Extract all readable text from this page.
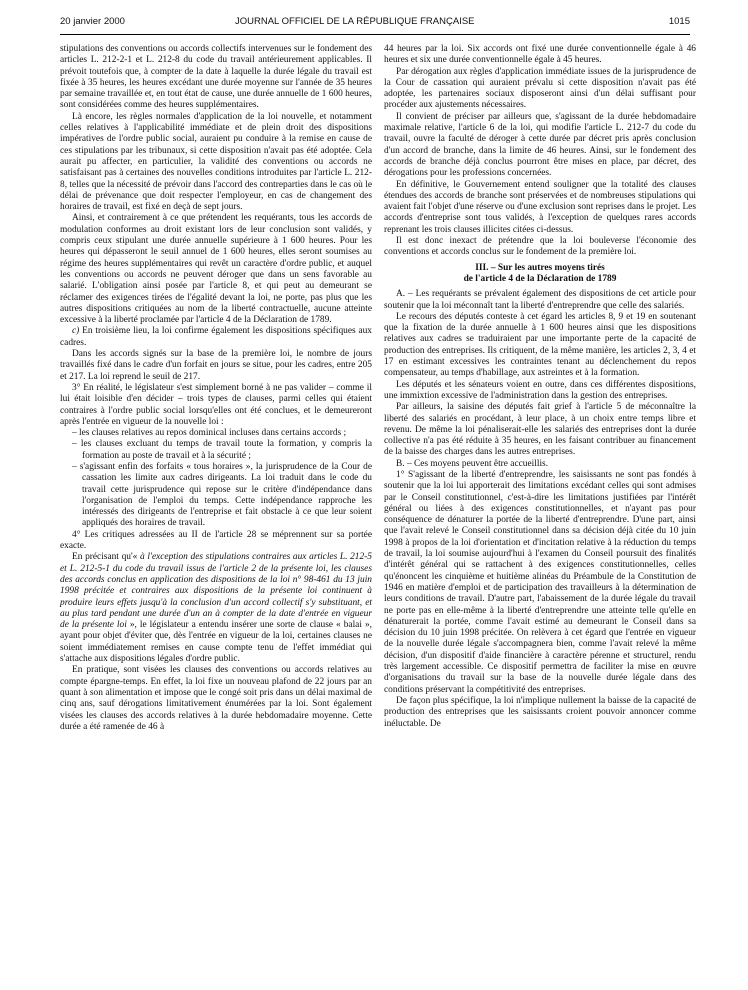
20 janvier 2000	JOURNAL OFFICIEL DE LA RÉPUBLIQUE FRANÇAISE	1015

stipulations des conventions ou accords collectifs intervenues sur le fondement des articles L. 212-2-1 et L. 212-8 du code du travail antérieurement applicables. Il prévoit toutefois que, à compter de la date à laquelle la durée légale du travail est fixée à 35 heures, les heures excédant une durée moyenne sur l'année de 35 heures par semaine travaillée et, en tout état de cause, une durée annuelle de 1 600 heures, sont considérées comme des heures supplémentaires.

Là encore, les règles normales d'application de la loi nouvelle, et notamment celles relatives à l'applicabilité immédiate et de plein droit des dispositions impératives de l'ordre public social, auraient pu conduire à la remise en cause de ces stipulations par les tribunaux, si cette disposition n'avait pas été adoptée. Cela aurait pu affecter, en particulier, la validité des conventions ou accords ne satisfaisant pas à certaines des nouvelles conditions introduites par l'article L. 212-8, telles que la nécessité de prévoir dans l'accord des contreparties dans le cas où le délai de prévenance que doit respecter l'employeur, en cas de changement des horaires de travail, est fixé en deçà de sept jours.

Ainsi, et contrairement à ce que prétendent les requérants, tous les accords de modulation conformes au droit existant lors de leur conclusion sont validés, y compris ceux stipulant une durée annuelle supérieure à 1 600 heures. Pour les heures qui dépasseront le seuil annuel de 1 600 heures, elles seront soumises au régime des heures supplémentaires qui revêt un caractère d'ordre public, et auquel les conventions ou accords ne peuvent déroger que dans un sens favorable au salarié. L'obligation ainsi posée par l'article 8, et qui peut au demeurant se réclamer des exigences tirées de l'égalité devant la loi, ne porte, pas plus que les autres dispositions critiquées au nom de la liberté contractuelle, aucune atteinte excessive à la liberté proclamée par l'article 4 de la Déclaration de 1789.

c) En troisième lieu, la loi confirme également les dispositions spécifiques aux cadres.

Dans les accords signés sur la base de la première loi, le nombre de jours travaillés fixé dans le cadre d'un forfait en jours se situe, pour les cadres, entre 205 et 217. La loi reprend le seuil de 217.

3° En réalité, le législateur s'est simplement borné à ne pas valider – comme il lui était loisible d'en décider – trois types de clauses, parmi celles qui étaient contraires à l'ordre public social lorsqu'elles ont été conclues, et le demeureront après l'entrée en vigueur de la nouvelle loi :

– les clauses relatives au repos dominical incluses dans certains accords ;

– les clauses excluant du temps de travail toute la formation, y compris la formation au poste de travail et à la sécurité ;

– s'agissant enfin des forfaits « tous horaires », la jurisprudence de la Cour de cassation les limite aux cadres dirigeants. La loi traduit dans le code du travail cette jurisprudence qui repose sur le critère d'indépendance dans l'organisation de l'emploi du temps. Cette indépendance rapproche les intéressés des dirigeants de l'entreprise et fait obstacle à ce que leur soient appliqués des horaires de travail.

4° Les critiques adressées au II de l'article 28 se méprennent sur sa portée exacte.

En précisant qu'« à l'exception des stipulations contraires aux articles L. 212-5 et L. 212-5-1 du code du travail issus de l'article 2 de la présente loi, les clauses des accords conclus en application des dispositions de la loi n° 98-461 du 13 juin 1998 précitée et contraires aux dispositions de la présente loi continuent à produire leurs effets jusqu'à la conclusion d'un accord collectif s'y substituant, et au plus tard pendant une durée d'un an à compter de la date d'entrée en vigueur de la présente loi », le législateur a entendu insérer une sorte de clause « balai », ayant pour objet d'éviter que, dès l'entrée en vigueur de la loi, certaines clauses ne soient immédiatement remises en cause compte tenu de l'effet immédiat qui s'attache aux dispositions légales d'ordre public.

En pratique, sont visées les clauses des conventions ou accords relatives au compte épargne-temps. En effet, la loi fixe un nouveau plafond de 22 jours par an quant à son alimentation et impose que le congé soit pris dans un délai maximal de cinq ans, sauf dérogations limitativement énumérées par la loi. Sont également visées les clauses des accords relatives à la durée hebdomadaire moyenne. Cette durée a été ramenée de 46 à

44 heures par la loi. Six accords ont fixé une durée conventionnelle égale à 46 heures et six une durée conventionnelle égale à 45 heures.

Par dérogation aux règles d'application immédiate issues de la jurisprudence de la Cour de cassation qui auraient prévalu si cette disposition n'avait pas été adoptée, les partenaires sociaux disposeront ainsi d'un délai suffisant pour procéder aux ajustements nécessaires.

Il convient de préciser par ailleurs que, s'agissant de la durée hebdomadaire maximale relative, l'article 6 de la loi, qui modifie l'article L. 212-7 du code du travail, ouvre la faculté de déroger à cette durée par décret pris après conclusion d'un accord de branche, dans la limite de 46 heures. Ainsi, sur le fondement des accords de branche déjà conclus pourront être mises en place, par décret, des dérogations pour les professions concernées.

En définitive, le Gouvernement entend souligner que la totalité des clauses étendues des accords de branche sont préservées et de nombreuses stipulations qui avaient fait l'objet d'une réserve ou d'une exclusion sont reprises dans le projet. Les accords d'entreprise sont tous validés, à l'exception de quelques rares accords reprenant les trois clauses illicites citées ci-dessus.

Il est donc inexact de prétendre que la loi bouleverse l'économie des conventions et accords conclus sur le fondement de la première loi.

III. – Sur les autres moyens tirés

de l'article 4 de la Déclaration de 1789

A. – Les requérants se prévalent également des dispositions de cet article pour soutenir que la loi méconnaît tant la liberté d'entreprendre que celle des salariés.

Le recours des députés conteste à cet égard les articles 8, 9 et 19 en soutenant que la fixation de la durée annuelle à 1 600 heures ainsi que les dispositions relatives aux cadres se traduiraient par une importante perte de la capacité de production des entreprises. Ils critiquent, de la même manière, les articles 2, 3, 4 et 17 en estimant excessives les contraintes tenant au déclenchement du repos compensateur, au temps d'habillage, aux astreintes et à la formation.

Les députés et les sénateurs voient en outre, dans ces différentes dispositions, une immixtion excessive de l'administration dans la gestion des entreprises.

Par ailleurs, la saisine des députés fait grief à l'article 5 de méconnaître la liberté des salariés en procédant, à leur place, à un choix entre temps libre et revenu. De même la loi pénaliserait-elle les salariés des entreprises dont la durée collective n'a pas été réduite à 35 heures, en les faisant contribuer au financement de la baisse des charges dans les autres entreprises.

B. – Ces moyens peuvent être accueillis.

1° S'agissant de la liberté d'entreprendre, les saisissants ne sont pas fondés à soutenir que la loi lui apporterait des limitations excédant celles qui sont admises par le Conseil constitutionnel, c'est-à-dire les limitations justifiées par l'intérêt général ou liées à des exigences constitutionnelles, et n'ayant pas pour conséquence de dénaturer la portée de la liberté d'entreprendre. D'une part, ainsi que l'avait relevé le Conseil constitutionnel dans sa décision déjà citée du 10 juin 1998 à propos de la loi d'orientation et d'incitation relative à la réduction du temps de travail, la loi soumise aujourd'hui à l'examen du Conseil poursuit des finalités d'intérêt général qui se rattachent à des exigences constitutionnelles, celles qu'énoncent les cinquième et huitième alinéas du Préambule de la Constitution de 1946 en matière d'emploi et de participation des travailleurs à la détermination de leurs conditions de travail. D'autre part, l'abaissement de la durée légale du travail ne porte pas en elle-même à la liberté d'entreprendre une atteinte telle qu'elle en dénaturerait la portée, comme l'avait estimé au demeurant le Conseil dans sa décision du 10 juin 1998 précitée. On relèvera à cet égard que l'entrée en vigueur de la nouvelle durée légale s'accompagnera bien, comme l'avait relevé la même décision, d'un dispositif d'aide financière à caractère pérenne et structurel, rendu très largement accessible. Ce dispositif permettra de faciliter la mise en œuvre d'organisations du travail sur la base de la nouvelle durée légale dans des conditions préservant la compétitivité des entreprises.

De façon plus spécifique, la loi n'implique nullement la baisse de la capacité de production des entreprises que les saisissants croient pouvoir annoncer comme inéluctable. De
